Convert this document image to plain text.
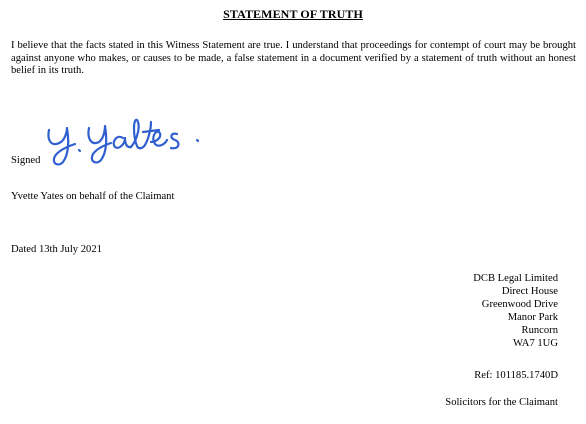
STATEMENT OF TRUTH
I believe that the facts stated in this Witness Statement are true. I understand that proceedings for contempt of court may be brought against anyone who makes, or causes to be made, a false statement in a document verified by a statement of truth without an honest belief in its truth.
Signed
Yvette Yates on behalf of the Claimant
Dated 13th July 2021
DCB Legal Limited
Direct House
Greenwood Drive
Manor Park
Runcorn
WA7 1UG
Ref: 101185.1740D
Solicitors for the Claimant
